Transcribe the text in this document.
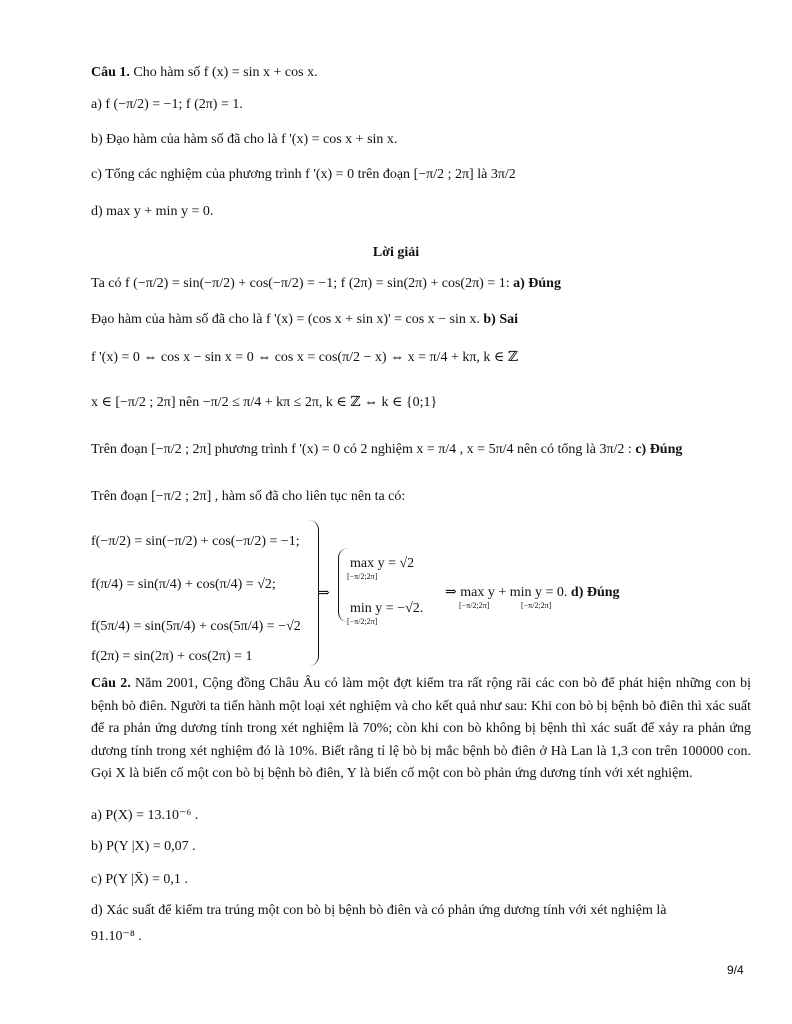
Câu 1. Cho hàm số f (x) = sin x + cos x.
a) f (−π/2) = −1; f (2π) = 1.
b) Đạo hàm của hàm số đã cho là f '(x) = cos x + sin x.
c) Tổng các nghiệm của phương trình f '(x) = 0 trên đoạn [−π/2 ; 2π] là 3π/2
d) max y + min y = 0.
Lời giải
Ta có f (−π/2) = sin(−π/2) + cos(−π/2) = −1; f (2π) = sin(2π) + cos(2π) = 1: a) Đúng
Đạo hàm của hàm số đã cho là f '(x) = (cos x + sin x)' = cos x − sin x. b) Sai
f '(x) = 0 ⇔ cos x − sin x = 0 ⇔ cos x = cos(π/2 − x) ⇔ x = π/4 + kπ, k ∈ ℤ
x ∈ [−π/2 ; 2π] nên −π/2 ≤ π/4 + kπ ≤ 2π, k ∈ ℤ ⇔ k ∈ {0;1}
Trên đoạn [−π/2 ; 2π] phương trình f '(x) = 0 có 2 nghiệm x = π/4 , x = 5π/4 nên có tổng là 3π/2 : c) Đúng
Trên đoạn [−π/2 ; 2π] , hàm số đã cho liên tục nên ta có:
f(−π/2) = sin(−π/2) + cos(−π/2) = −1;
f(π/4) = sin(π/4) + cos(π/4) = √2;
f(5π/4) = sin(5π/4) + cos(5π/4) = −√2
f(2π) = sin(2π) + cos(2π) = 1
⇒
max y = √2
[−π/2;2π]
min y = −√2.
[−π/2;2π]
⇒ max y + min y = 0. d) Đúng
[−π/2;2π]	[−π/2;2π]
Câu 2. Năm 2001, Cộng đồng Châu Âu có làm một đợt kiểm tra rất rộng rãi các con bò để phát hiện những con bị bệnh bò điên. Người ta tiến hành một loại xét nghiệm và cho kết quả như sau: Khi con bò bị bệnh bò điên thì xác suất để ra phản ứng dương tính trong xét nghiệm là 70%; còn khi con bò không bị bệnh thì xác suất để xảy ra phản ứng dương tính trong xét nghiệm đó là 10%. Biết rằng tỉ lệ bò bị mắc bệnh bò điên ở Hà Lan là 1,3 con trên 100000 con. Gọi X là biến cố một con bò bị bệnh bò điên, Y là biến cố một con bò phản ứng dương tính với xét nghiệm.
a) P(X) = 13.10⁻⁶ .
b) P(Y |X) = 0,07 .
c) P(Y |X̄) = 0,1 .
d) Xác suất để kiểm tra trúng một con bò bị bệnh bò điên và có phản ứng dương tính với xét nghiệm là
91.10⁻⁸ .
9/4
